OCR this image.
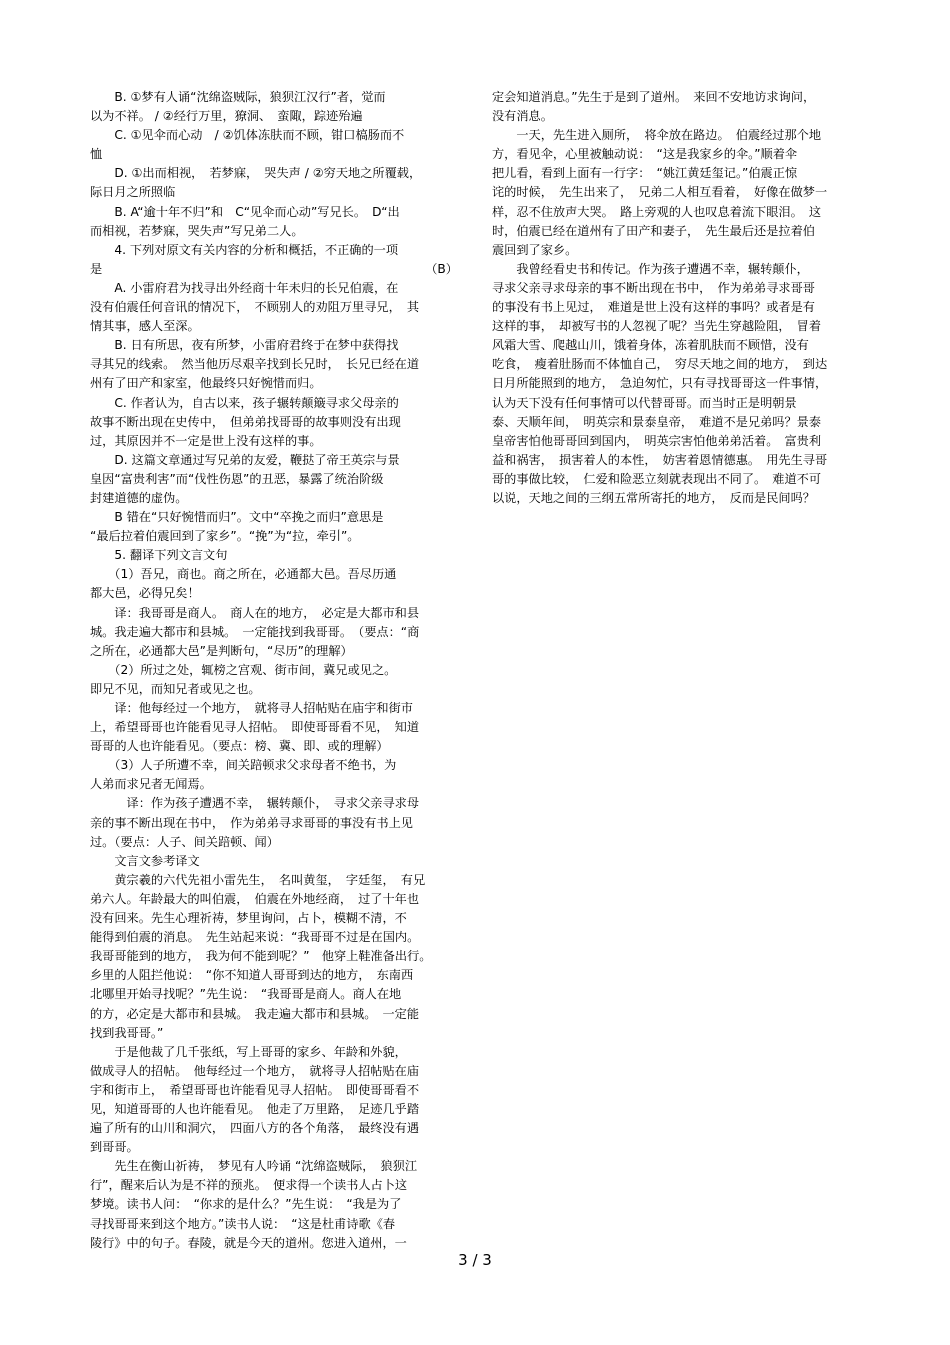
　　B. ①梦有人诵“沈绵盗贼际，狼狈江汉行”者，觉而
以为不祥。 / ②经行万里，獠洞、　蛮陬，踪迹殆遍
　　C. ①见伞而心动　/ ②饥体冻肤而不顾，钳口槁肠而不
恤
　　D. ①出而相视，　若梦寐，　哭失声 / ②穷天地之所覆载，
际日月之所照临
　　B. A“逾十年不归”和　C“见伞而心动”写兄长。　D“出
而相视，若梦寐，哭失声”写兄弟二人。
　　4. 下列对原文有关内容的分析和概括，不正确的一项
（B）
是
　　A. 小雷府君为找寻出外经商十年未归的长兄伯震，在
没有伯震任何音讯的情况下，　不顾别人的劝阻万里寻兄，　其
情其事，感人至深。
　　B. 日有所思，夜有所梦，小雷府君终于在梦中获得找
寻其兄的线索。　然当他历尽艰辛找到长兄时，　长兄已经在道
州有了田产和家室，他最终只好惋惜而归。
　　C. 作者认为，自古以来，孩子辗转颠簸寻求父母亲的
故事不断出现在史传中，　但弟弟找哥哥的故事则没有出现
过，其原因并不一定是世上没有这样的事。
　　D. 这篇文章通过写兄弟的友爱，鞭挞了帝王英宗与景
皇因“富贵利害”而“伐性伤恩”的丑恶，暴露了统治阶级
封建道德的虚伪。
　　B 错在“只好惋惜而归”。文中“卒挽之而归”意思是
“最后拉着伯震回到了家乡”。“挽”为“拉，牵引”。
　　5. 翻译下列文言文句
　　（1）吾兄，商也。商之所在，必通都大邑。吾尽历通
都大邑，必得兄矣！
　　译：我哥哥是商人。　商人在的地方，　必定是大都市和县
城。我走遍大都市和县城。　一定能找到我哥哥。　（要点：“商
之所在，必通都大邑”是判断句，“尽历”的理解）
　　（2）所过之处，辄榜之宫观、街市间，冀兄或见之。
即兄不见，而知兄者或见之也。
　　译：他每经过一个地方，　就将寻人招帖贴在庙宇和街市
上，希望哥哥也许能看见寻人招帖。　即使哥哥看不见，　知道
哥哥的人也许能看见。（要点：榜、冀、即、或的理解）
　　（3）人子所遭不幸，间关踣顿求父求母者不绝书，为
人弟而求兄者无闻焉。
　　　译：作为孩子遭遇不幸，　辗转颠仆，　寻求父亲寻求母
亲的事不断出现在书中，　作为弟弟寻求哥哥的事没有书上见
过。（要点：人子、间关踣顿、闻）
　　文言文参考译文
　　黄宗羲的六代先祖小雷先生，　名叫黄玺，　字廷玺，　有兄
弟六人。年龄最大的叫伯震，　伯震在外地经商，　过了十年也
没有回来。先生心理祈祷，梦里询问，占卜，模糊不清，不
能得到伯震的消息。　先生站起来说：“我哥哥不过是在国内。
我哥哥能到的地方，　我为何不能到呢？”　他穿上鞋准备出行。
乡里的人阻拦他说：　“你不知道人哥哥到达的地方，　东南西
北哪里开始寻找呢？”先生说：　“我哥哥是商人。商人在地
的方，必定是大都市和县城。　我走遍大都市和县城。　一定能
找到我哥哥。”
　　于是他裁了几千张纸，写上哥哥的家乡、年龄和外貌，
做成寻人的招帖。　他每经过一个地方，　就将寻人招帖贴在庙
宇和街市上，　希望哥哥也许能看见寻人招帖。　即使哥哥看不
见，知道哥哥的人也许能看见。　他走了万里路，　足迹几乎踏
遍了所有的山川和洞穴，　四面八方的各个角落，　最终没有遇
到哥哥。
　　先生在衡山祈祷，　梦见有人吟诵 “沈绵盗贼际，　狼狈江
行”，醒来后认为是不祥的预兆。　便求得一个读书人占卜这
梦境。读书人问：　“你求的是什么？”先生说：　“我是为了
寻找哥哥来到这个地方。”读书人说：　“这是杜甫诗歌《春
陵行》中的句子。春陵，就是今天的道州。您进入道州，一
定会知道消息。”先生于是到了道州。　来回不安地访求询问，
没有消息。
　　一天，先生进入厕所，　将伞放在路边。　伯震经过那个地
方，看见伞，心里被触动说：　“这是我家乡的伞。”顺着伞
把儿看，看到上面有一行字：　“姚江黄廷玺记。”伯震正惊
诧的时候，　先生出来了，　兄弟二人相互看着，　好像在做梦一
样，忍不住放声大哭。　路上旁观的人也叹息着流下眼泪。　这
时，伯震已经在道州有了田产和妻子，　先生最后还是拉着伯
震回到了家乡。
　　我曾经看史书和传记。作为孩子遭遇不幸，辗转颠仆，
寻求父亲寻求母亲的事不断出现在书中，　作为弟弟寻求哥哥
的事没有书上见过，　难道是世上没有这样的事吗？或者是有
这样的事，　却被写书的人忽视了呢？当先生穿越险阻，　冒着
风霜大雪、爬越山川，饿着身体，冻着肌肤而不顾惜，没有
吃食，　瘦着肚肠而不体恤自己，　穷尽天地之间的地方，　到达
日月所能照到的地方，　急迫匆忙，只有寻找哥哥这一件事情，
认为天下没有任何事情可以代替哥哥。而当时正是明朝景
泰、天顺年间，　明英宗和景泰皇帝，　难道不是兄弟吗？景泰
皇帝害怕他哥哥回到国内，　明英宗害怕他弟弟活着。　富贵利
益和祸害，　损害着人的本性，　妨害着恩情德惠。　用先生寻哥
哥的事做比较，　仁爱和险恶立刻就表现出不同了。　难道不可
以说，天地之间的三纲五常所寄托的地方，　反而是民间吗？
3 / 3
